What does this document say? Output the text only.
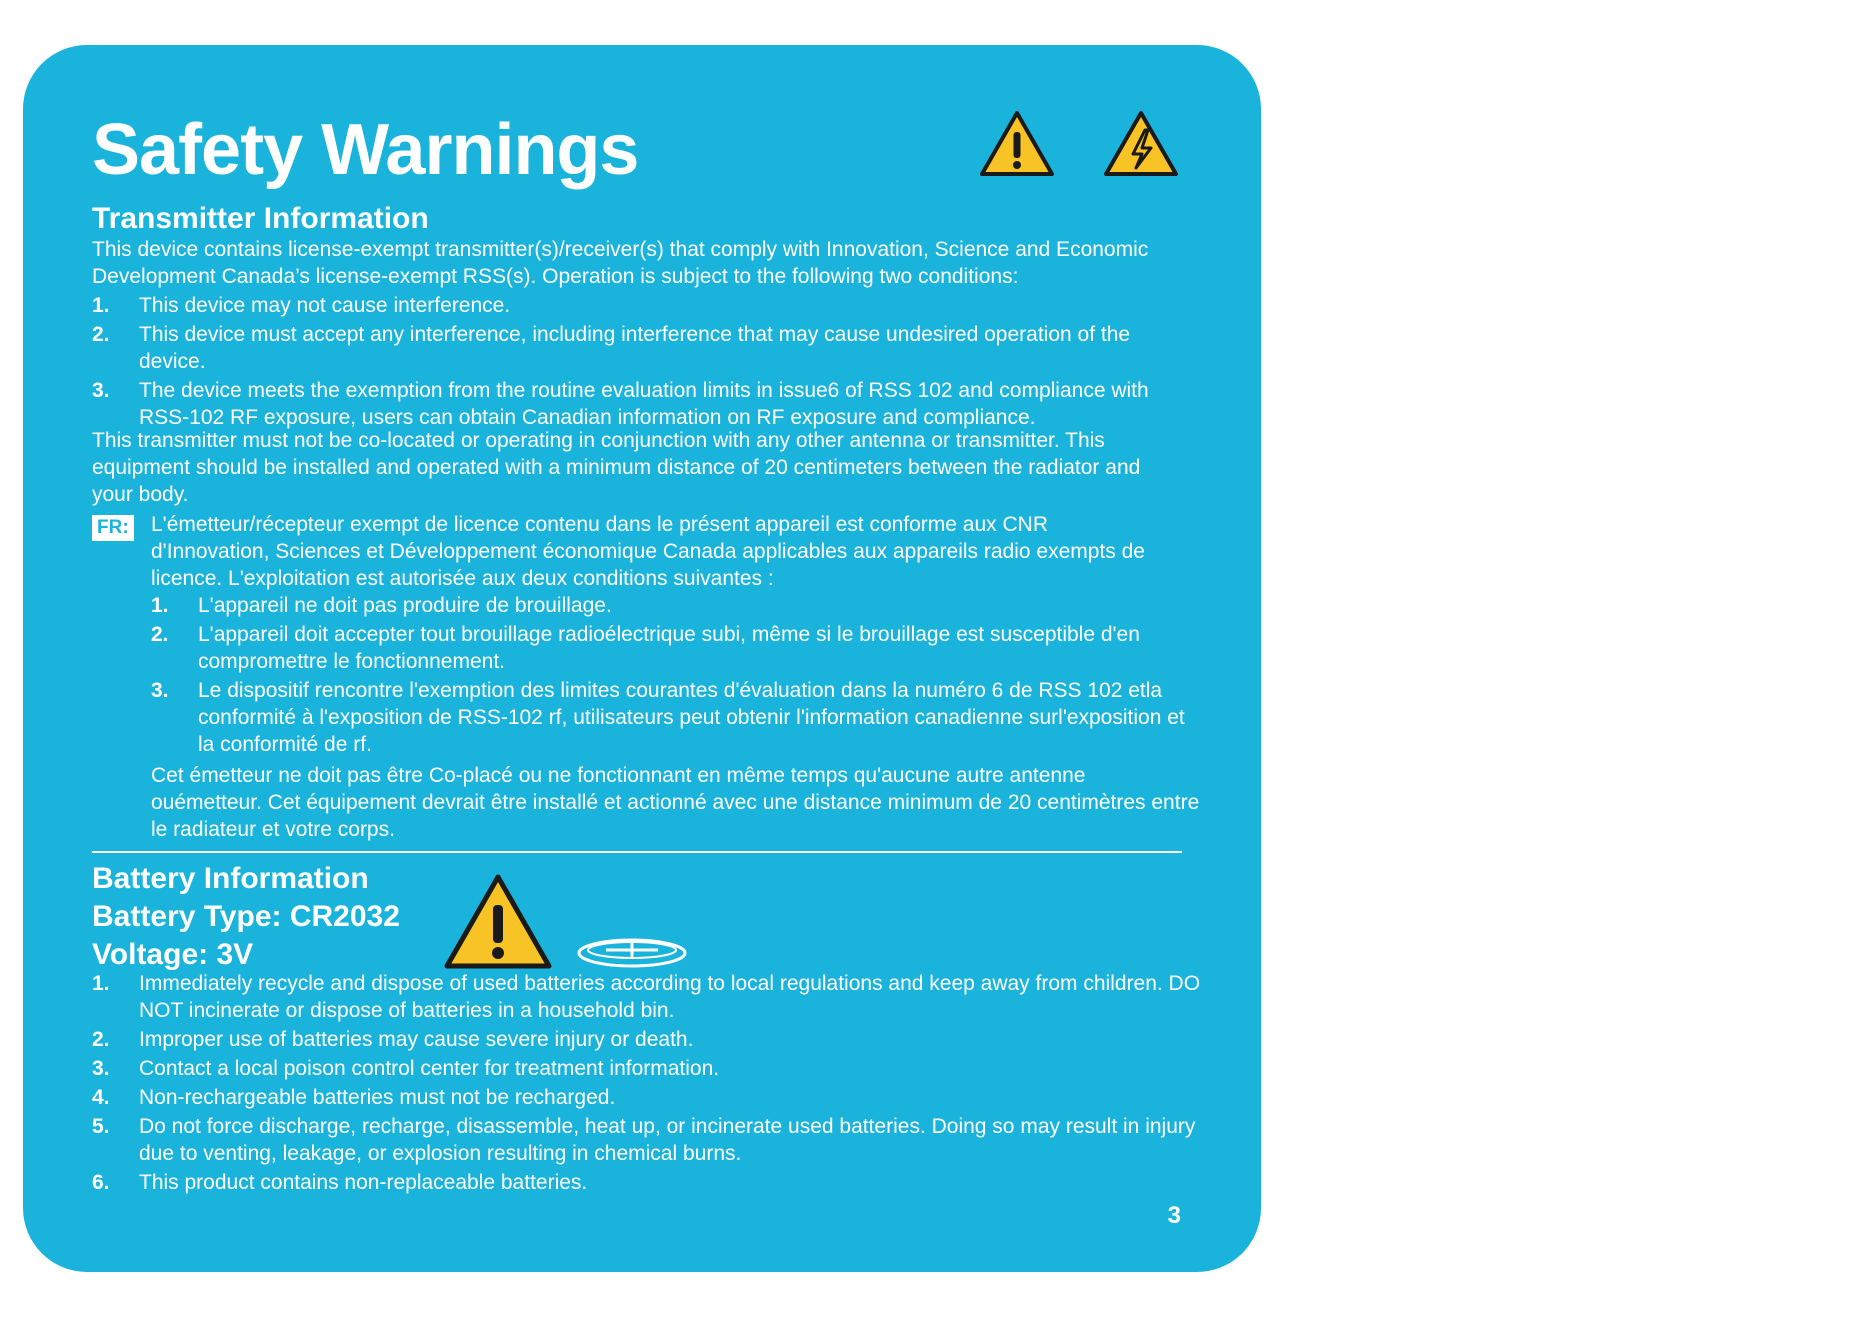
Safety Warnings
Transmitter Information

This device contains license-exempt transmitter(s)/receiver(s) that comply with Innovation, Science and Economic Development Canada’s license-exempt RSS(s). Operation is subject to the following two conditions:

1. This device may not cause interference.
2. This device must accept any interference, including interference that may cause undesired operation of the device.
3. The device meets the exemption from the routine evaluation limits in issue6 of RSS 102 and compliance with RSS-102 RF exposure, users can obtain Canadian information on RF exposure and compliance.

This transmitter must not be co-located or operating in conjunction with any other antenna or transmitter. This equipment should be installed and operated with a minimum distance of 20 centimeters between the radiator and your body.

FR: L'émetteur/récepteur exempt de licence contenu dans le présent appareil est conforme aux CNR d'Innovation, Sciences et Développement économique Canada applicables aux appareils radio exempts de licence. L'exploitation est autorisée aux deux conditions suivantes :

1. L'appareil ne doit pas produire de brouillage.
2. L'appareil doit accepter tout brouillage radioélectrique subi, même si le brouillage est susceptible d'en compromettre le fonctionnement.
3. Le dispositif rencontre l'exemption des limites courantes d'évaluation dans la numéro 6 de RSS 102 etla conformité à l'exposition de RSS-102 rf, utilisateurs peut obtenir l'information canadienne surl'exposition et la conformité de rf.

Cet émetteur ne doit pas être Co-placé ou ne fonctionnant en même temps qu'aucune autre antenne ouémetteur. Cet équipement devrait être installé et actionné avec une distance minimum de 20 centimètres entre le radiateur et votre corps.

Battery Information
Battery Type: CR2032
Voltage: 3V
1. Immediately recycle and dispose of used batteries according to local regulations and keep away from children. DO NOT incinerate or dispose of batteries in a household bin.
2. Improper use of batteries may cause severe injury or death.
3. Contact a local poison control center for treatment information.
4. Non-rechargeable batteries must not be recharged.
5. Do not force discharge, recharge, disassemble, heat up, or incinerate used batteries. Doing so may result in injury due to venting, leakage, or explosion resulting in chemical burns.
6. This product contains non-replaceable batteries.
3
